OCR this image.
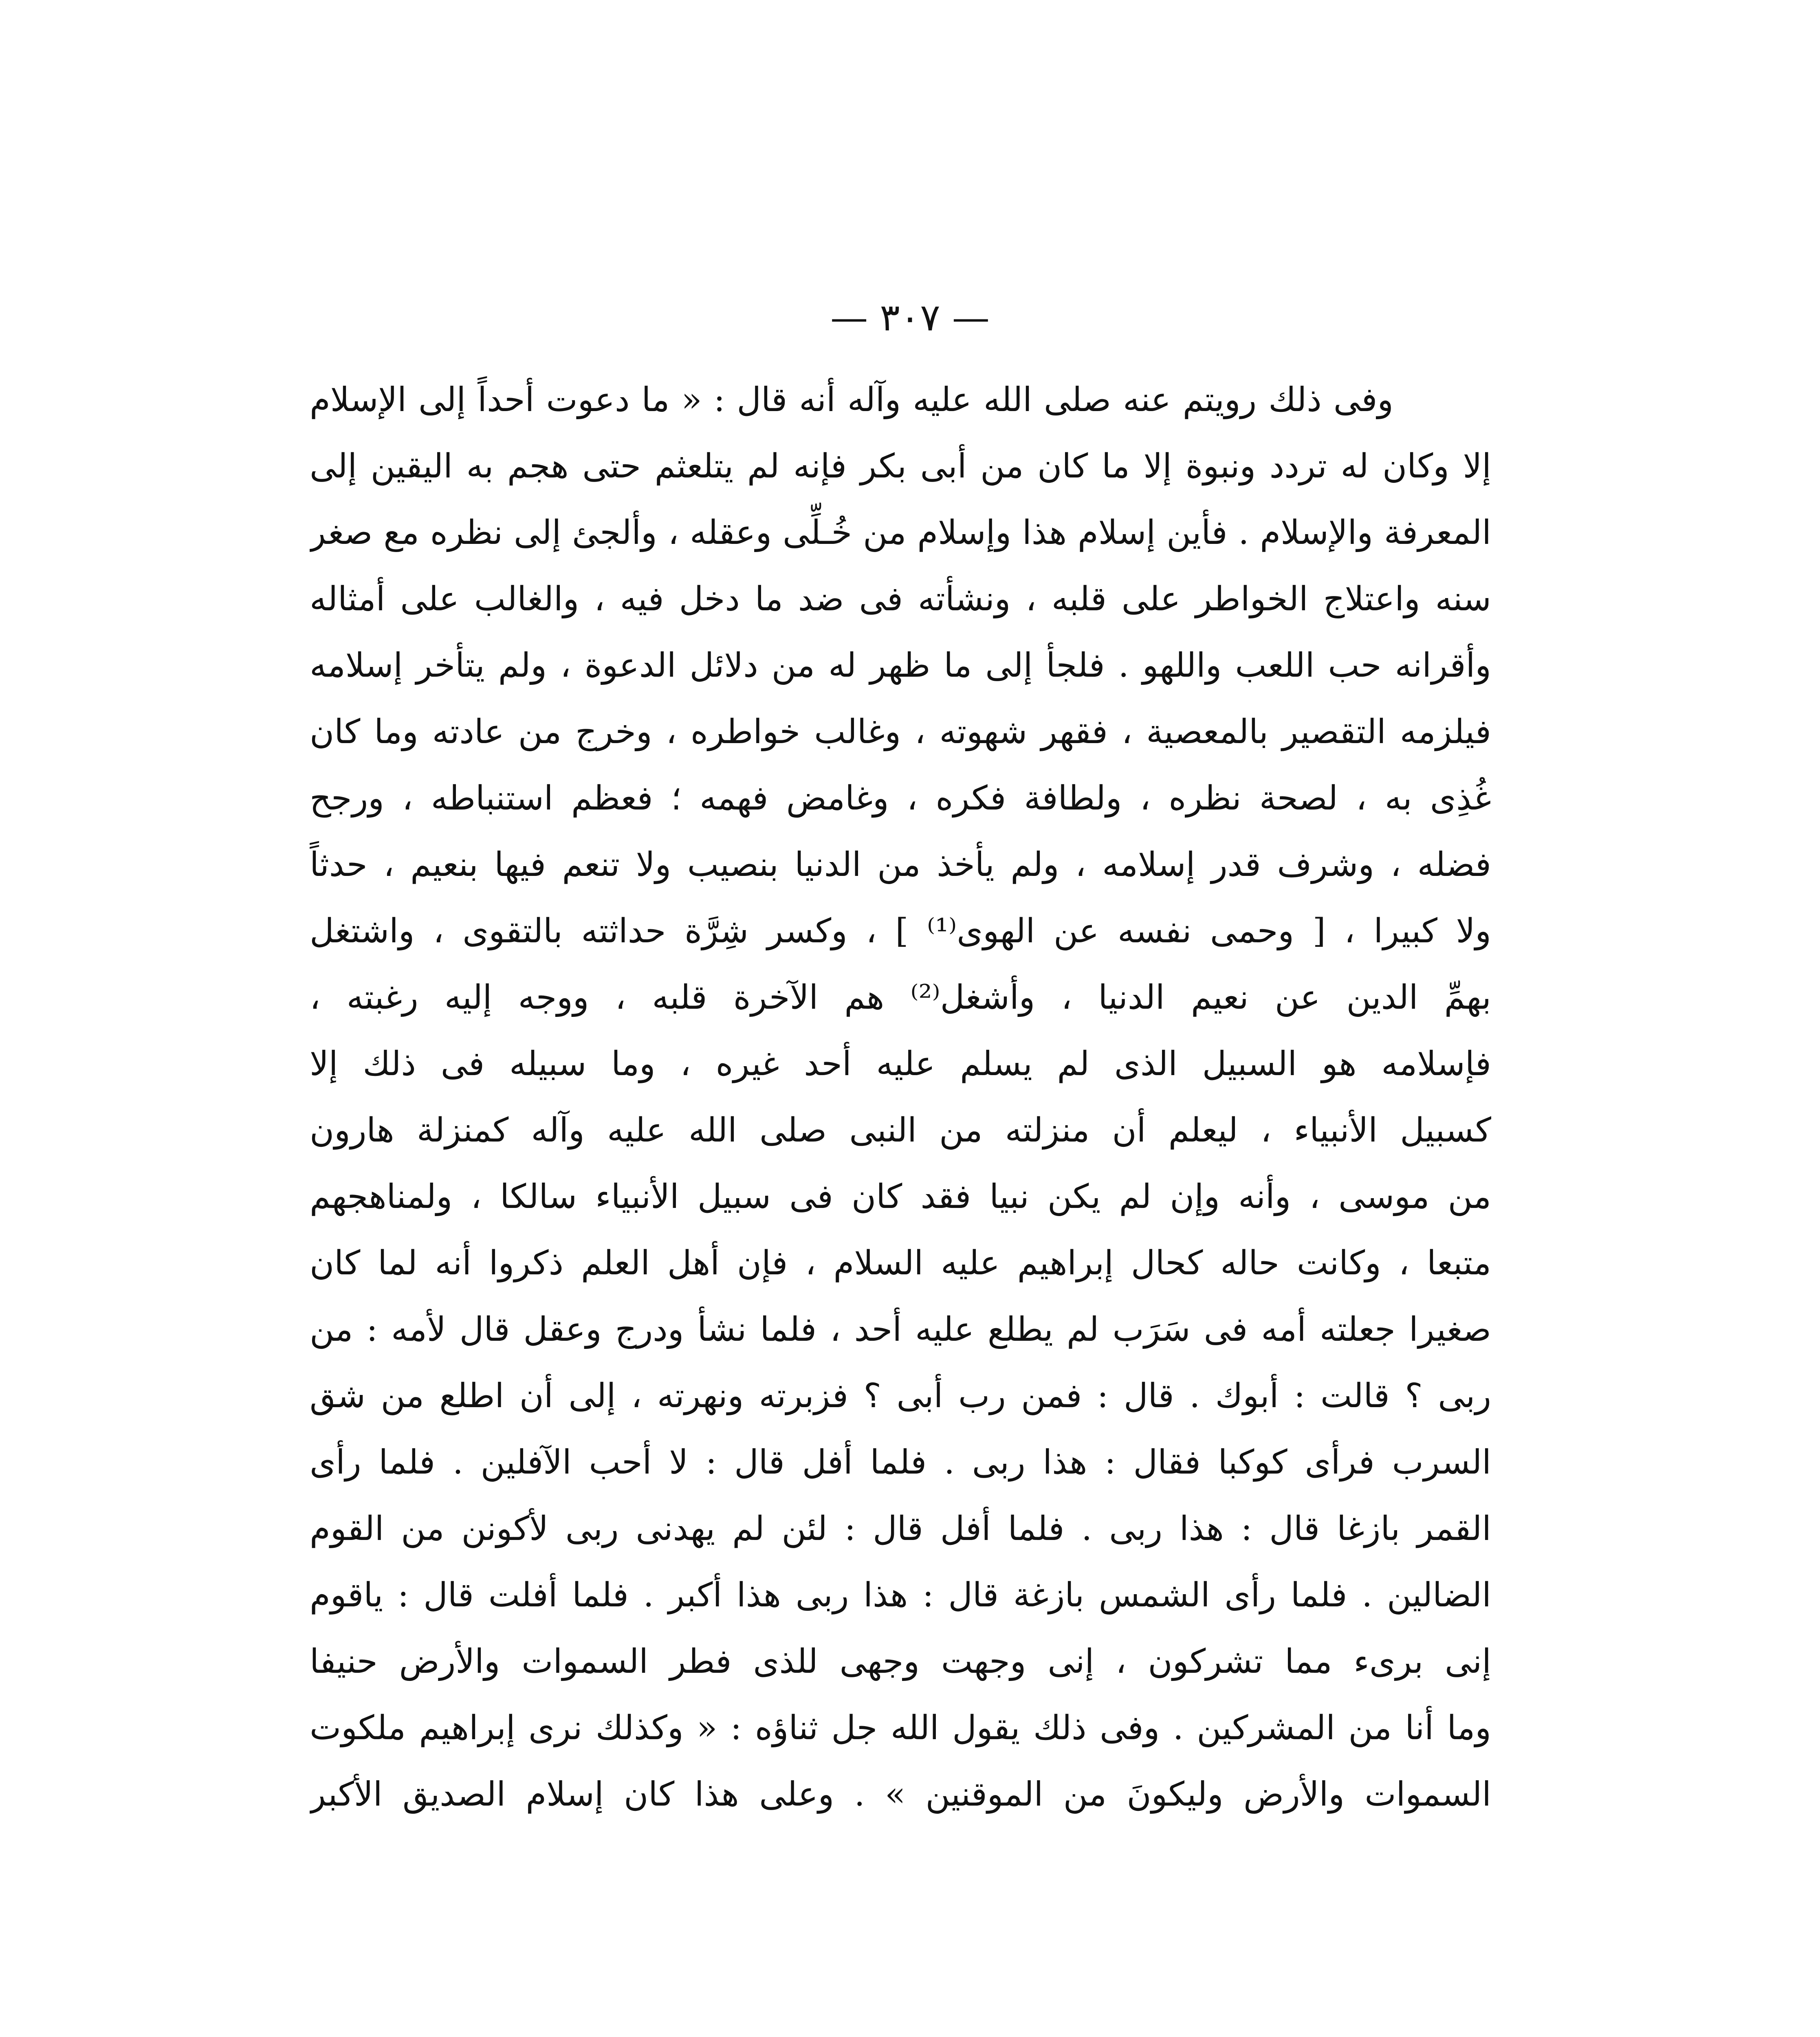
— ٣٠٧ —
وفى ذلك رويتم عنه صلى الله عليه وآله أنه قال : « ما دعوت أحداً إلى الإسلام
إلا وكان له تردد ونبوة إلا ما كان من أبى بكر فإنه لم يتلعثم حتى هجم به اليقين إلى
المعرفة والإسلام . فأين إسلام هذا وإسلام من خُـلِّى وعقله ، وألجئ إلى نظره مع صغر
سنه واعتلاج الخواطر على قلبه ، ونشأته فى ضد ما دخل فيه ، والغالب على أمثاله
وأقرانه حب اللعب واللهو . فلجأ إلى ما ظهر له من دلائل الدعوة ، ولم يتأخر إسلامه
فيلزمه التقصير بالمعصية ، فقهر شهوته ، وغالب خواطره ، وخرج من عادته وما كان
غُذِى به ، لصحة نظره ، ولطافة فكره ، وغامض فهمه ؛ فعظم استنباطه ، ورجح
فضله ، وشرف قدر إسلامه ، ولم يأخذ من الدنيا بنصيب ولا تنعم فيها بنعيم ، حدثاً
ولا كبيرا ، [ وحمى نفسه عن الهوى⁽¹⁾ ] ، وكسر شِرَّة حداثته بالتقوى ، واشتغل
بهمِّ الدين عن نعيم الدنيا ، وأشغل⁽²⁾ هم الآخرة قلبه ، ووجه إليه رغبته ،
فإسلامه هو السبيل الذى لم يسلم عليه أحد غيره ، وما سبيله فى ذلك إلا
كسبيل الأنبياء ، ليعلم أن منزلته من النبى صلى الله عليه وآله كمنزلة هارون
من موسى ، وأنه وإن لم يكن نبيا فقد كان فى سبيل الأنبياء سالكا ، ولمناهجهم
متبعا ، وكانت حاله كحال إبراهيم عليه السلام ، فإن أهل العلم ذكروا أنه لما كان
صغيرا جعلته أمه فى سَرَب لم يطلع عليه أحد ، فلما نشأ ودرج وعقل قال لأمه : من
ربى ؟ قالت : أبوك . قال : فمن رب أبى ؟ فزبرته ونهرته ، إلى أن اطلع من شق
السرب فرأى كوكبا فقال : هذا ربى . فلما أفل قال : لا أحب الآفلين . فلما رأى
القمر بازغا قال : هذا ربى . فلما أفل قال : لئن لم يهدنى ربى لأكونن من القوم
الضالين . فلما رأى الشمس بازغة قال : هذا ربى هذا أكبر . فلما أفلت قال : ياقوم
إنى برىء مما تشركون ، إنى وجهت وجهى للذى فطر السموات والأرض حنيفا
وما أنا من المشركين . وفى ذلك يقول الله جل ثناؤه : « وكذلك نرى إبراهيم ملكوت
السموات والأرض وليكونَ من الموقنين » . وعلى هذا كان إسلام الصديق الأكبر
